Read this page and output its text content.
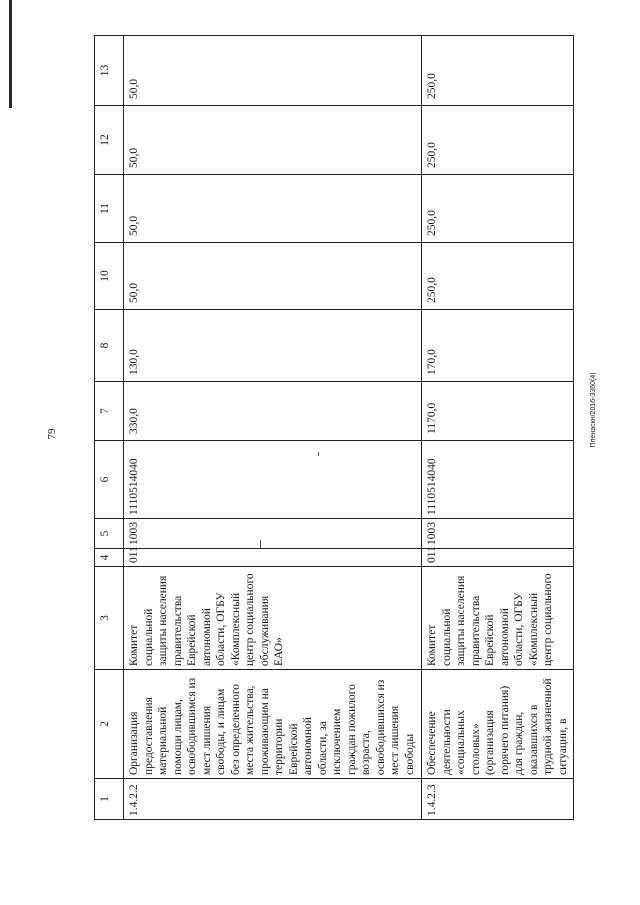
79	Пленаскн/2016-3360(4)
1	2	3	4	5	6	7	8	10	11	12	13
1.4.2.2	Организация предоставления материальной помощи лицам, освободившимся из мест лишения свободы, и лицам без определенного места жительства, проживающим на территории Еврейской автономной области, за исключением граждан пожилого возраста, освободившихся из мест лишения свободы	Комитет социальной защиты населения правительства Еврейской автономной области, ОГБУ «Комплексный центр социального обслуживания ЕАО»	011	1003	1110514040	330,0	130,0	50,0	50,0	50,0	50,0
1.4.2.3	Обеспечение деятельности «социальных столовых» (организация горячего питания) для граждан, оказавшихся в трудной жизненной ситуации, в	Комитет социальной защиты населения правительства Еврейской автономной области, ОГБУ «Комплексный центр социального	011	1003	1110514040	1170,0	170,0	250,0	250,0	250,0	250,0
